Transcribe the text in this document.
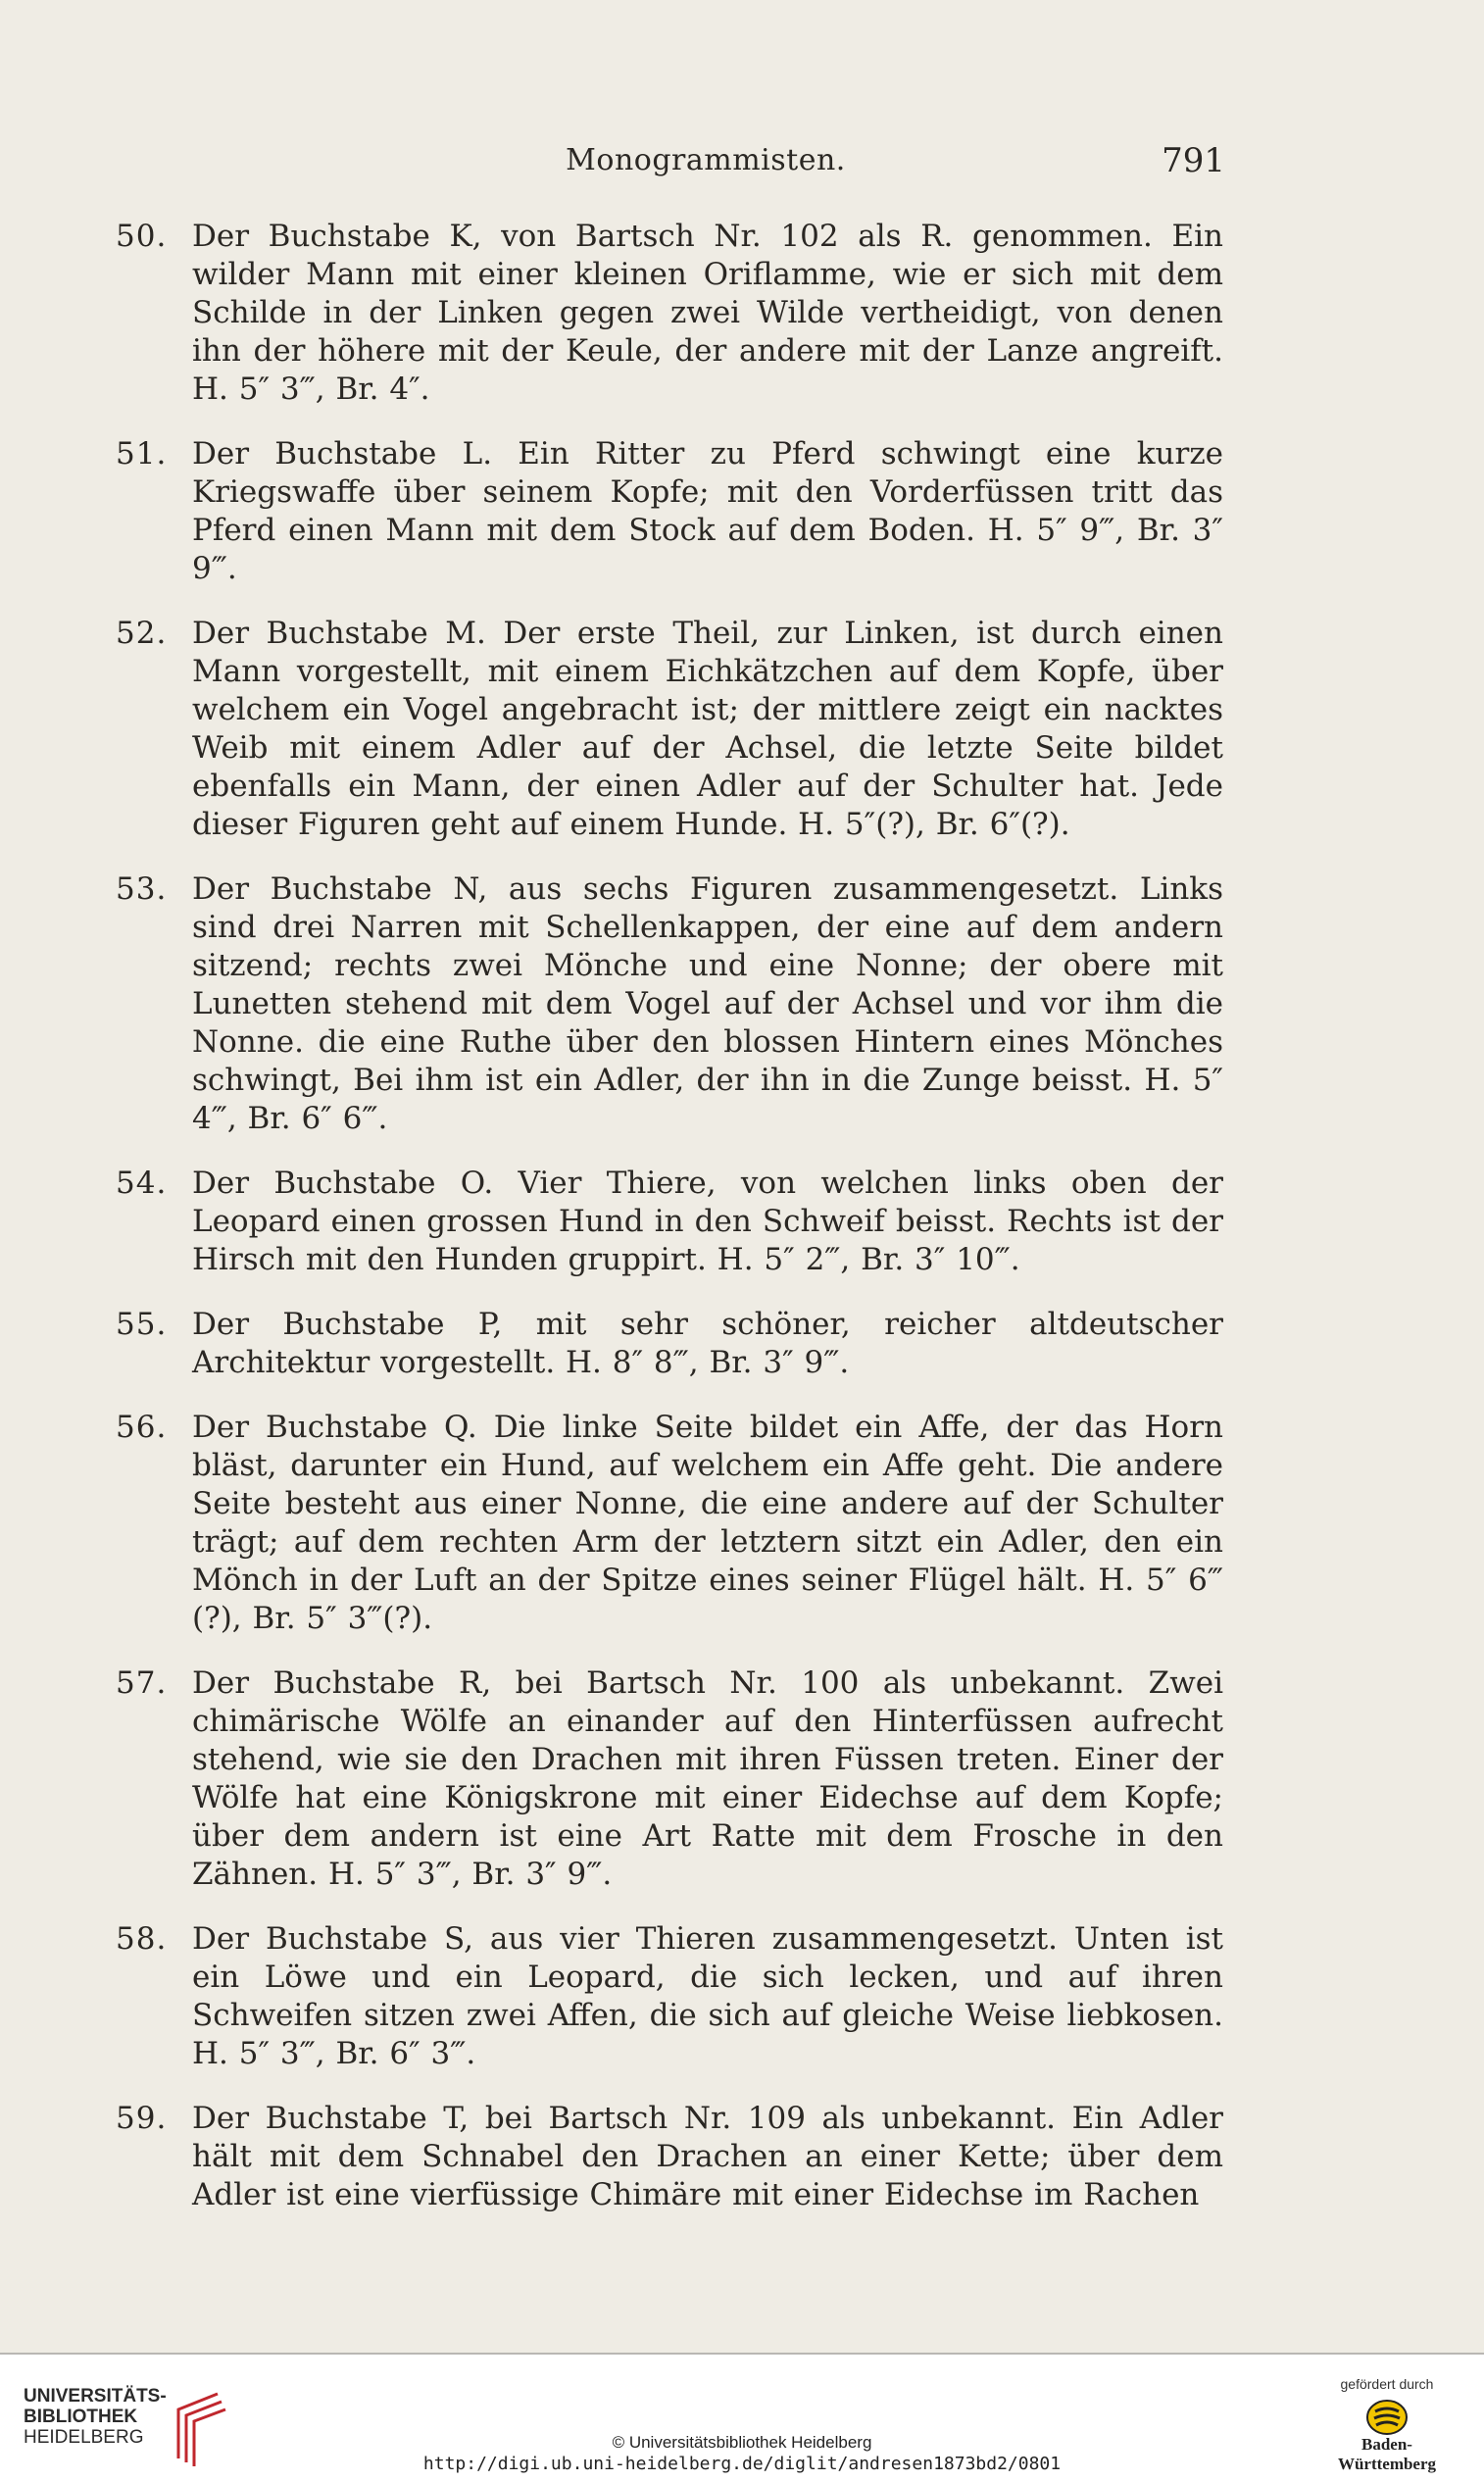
Monogrammisten.	791
50. Der Buchstabe K, von Bartsch Nr. 102 als R. genommen. Ein wilder Mann mit einer kleinen Oriflamme, wie er sich mit dem Schilde in der Linken gegen zwei Wilde vertheidigt, von denen ihn der höhere mit der Keule, der andere mit der Lanze angreift. H. 5″ 3‴, Br. 4″.
51. Der Buchstabe L. Ein Ritter zu Pferd schwingt eine kurze Kriegswaffe über seinem Kopfe; mit den Vorderfüssen tritt das Pferd einen Mann mit dem Stock auf dem Boden. H. 5″ 9‴, Br. 3″ 9‴.
52. Der Buchstabe M. Der erste Theil, zur Linken, ist durch einen Mann vorgestellt, mit einem Eichkätzchen auf dem Kopfe, über welchem ein Vogel angebracht ist; der mittlere zeigt ein nacktes Weib mit einem Adler auf der Achsel, die letzte Seite bildet ebenfalls ein Mann, der einen Adler auf der Schulter hat. Jede dieser Figuren geht auf einem Hunde. H. 5″(?), Br. 6″(?).
53. Der Buchstabe N, aus sechs Figuren zusammengesetzt. Links sind drei Narren mit Schellenkappen, der eine auf dem andern sitzend; rechts zwei Mönche und eine Nonne; der obere mit Lunetten stehend mit dem Vogel auf der Achsel und vor ihm die Nonne. die eine Ruthe über den blossen Hintern eines Mönches schwingt, Bei ihm ist ein Adler, der ihn in die Zunge beisst. H. 5″ 4‴, Br. 6″ 6‴.
54. Der Buchstabe O. Vier Thiere, von welchen links oben der Leopard einen grossen Hund in den Schweif beisst. Rechts ist der Hirsch mit den Hunden gruppirt. H. 5″ 2‴, Br. 3″ 10‴.
55. Der Buchstabe P, mit sehr schöner, reicher altdeutscher Architektur vorgestellt. H. 8″ 8‴, Br. 3″ 9‴.
56. Der Buchstabe Q. Die linke Seite bildet ein Affe, der das Horn bläst, darunter ein Hund, auf welchem ein Affe geht. Die andere Seite besteht aus einer Nonne, die eine andere auf der Schulter trägt; auf dem rechten Arm der letztern sitzt ein Adler, den ein Mönch in der Luft an der Spitze eines seiner Flügel hält. H. 5″ 6‴(?), Br. 5″ 3‴(?).
57. Der Buchstabe R, bei Bartsch Nr. 100 als unbekannt. Zwei chimärische Wölfe an einander auf den Hinterfüssen aufrecht stehend, wie sie den Drachen mit ihren Füssen treten. Einer der Wölfe hat eine Königskrone mit einer Eidechse auf dem Kopfe; über dem andern ist eine Art Ratte mit dem Frosche in den Zähnen. H. 5″ 3‴, Br. 3″ 9‴.
58. Der Buchstabe S, aus vier Thieren zusammengesetzt. Unten ist ein Löwe und ein Leopard, die sich lecken, und auf ihren Schweifen sitzen zwei Affen, die sich auf gleiche Weise liebkosen. H. 5″ 3‴, Br. 6″ 3‴.
59. Der Buchstabe T, bei Bartsch Nr. 109 als unbekannt. Ein Adler hält mit dem Schnabel den Drachen an einer Kette; über dem Adler ist eine vierfüssige Chimäre mit einer Eidechse im Rachen
UNIVERSITÄTS-
BIBLIOTHEK
HEIDELBERG	© Universitätsbibliothek Heidelberg
http://digi.ub.uni-heidelberg.de/diglit/andresen1873bd2/0801
gefördert durch
Baden-Württemberg
